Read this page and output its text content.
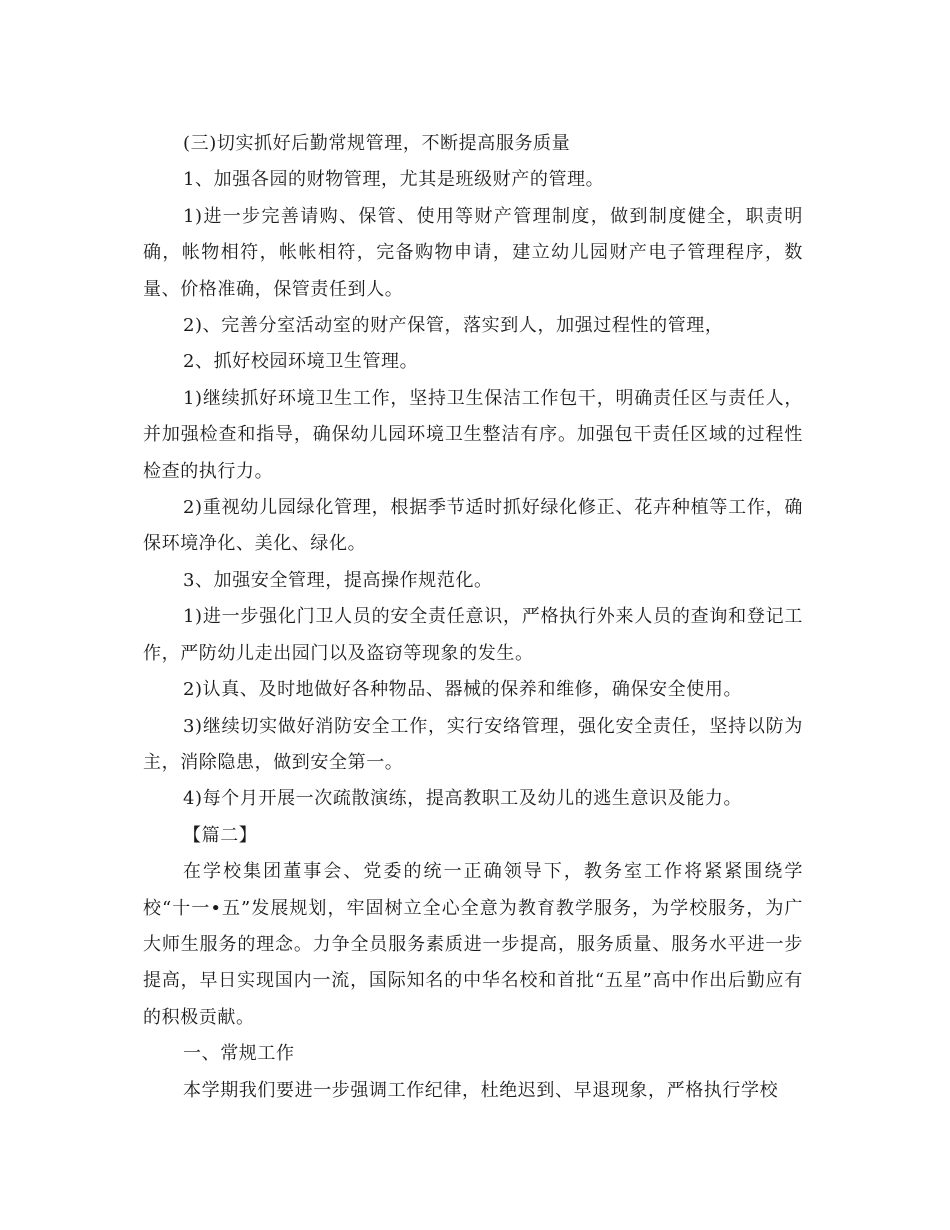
(三)切实抓好后勤常规管理，不断提高服务质量

1、加强各园的财物管理，尤其是班级财产的管理。

1)进一步完善请购、保管、使用等财产管理制度，做到制度健全，职责明确，帐物相符，帐帐相符，完备购物申请，建立幼儿园财产电子管理程序，数量、价格准确，保管责任到人。

2)、完善分室活动室的财产保管，落实到人，加强过程性的管理，

2、抓好校园环境卫生管理。

1)继续抓好环境卫生工作，坚持卫生保洁工作包干，明确责任区与责任人，并加强检查和指导，确保幼儿园环境卫生整洁有序。加强包干责任区域的过程性检查的执行力。

2)重视幼儿园绿化管理，根据季节适时抓好绿化修正、花卉种植等工作，确保环境净化、美化、绿化。

3、加强安全管理，提高操作规范化。

1)进一步强化门卫人员的安全责任意识，严格执行外来人员的查询和登记工作，严防幼儿走出园门以及盗窃等现象的发生。

2)认真、及时地做好各种物品、器械的保养和维修，确保安全使用。

3)继续切实做好消防安全工作，实行安络管理，强化安全责任，坚持以防为主，消除隐患，做到安全第一。

4)每个月开展一次疏散演练，提高教职工及幼儿的逃生意识及能力。

【篇二】

在学校集团董事会、党委的统一正确领导下，教务室工作将紧紧围绕学校“十一•五”发展规划，牢固树立全心全意为教育教学服务，为学校服务，为广大师生服务的理念。力争全员服务素质进一步提高，服务质量、服务水平进一步提高，早日实现国内一流，国际知名的中华名校和首批“五星”高中作出后勤应有的积极贡献。

一、常规工作

本学期我们要进一步强调工作纪律，杜绝迟到、早退现象，严格执行学校
